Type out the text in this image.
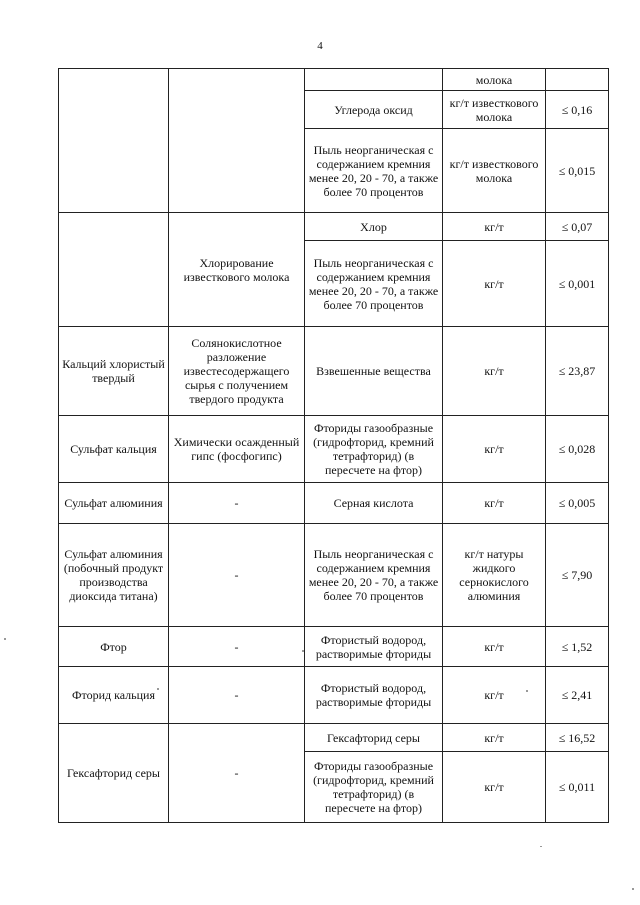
4
			молока	
		Углерода оксид	кг/т известкового молока	≤ 0,16
		Пыль неорганическая с содержанием кремния менее 20, 20 - 70, а также более 70 процентов	кг/т известкового молока	≤ 0,015
	Хлорирование известкового молока	Хлор	кг/т	≤ 0,07
		Пыль неорганическая с содержанием кремния менее 20, 20 - 70, а также более 70 процентов	кг/т	≤ 0,001
Кальций хлористый твердый	Солянокислотное разложение известесодержащего сырья с получением твердого продукта	Взвешенные вещества	кг/т	≤ 23,87
Сульфат кальция	Химически осажденный гипс (фосфогипс)	Фториды газообразные (гидрофторид, кремний тетрафторид) (в пересчете на фтор)	кг/т	≤ 0,028
Сульфат алюминия	-	Серная кислота	кг/т	≤ 0,005
Сульфат алюминия (побочный продукт производства диоксида титана)	-	Пыль неорганическая с содержанием кремния менее 20, 20 - 70, а также более 70 процентов	кг/т натуры жидкого сернокислого алюминия	≤ 7,90
Фтор	-	Фтористый водород, растворимые фториды	кг/т	≤ 1,52
Фторид кальция	-	Фтористый водород, растворимые фториды	кг/т	≤ 2,41
Гексафторид серы	-	Гексафторид серы	кг/т	≤ 16,52
		Фториды газообразные (гидрофторид, кремний тетрафторид) (в пересчете на фтор)	кг/т	≤ 0,011
